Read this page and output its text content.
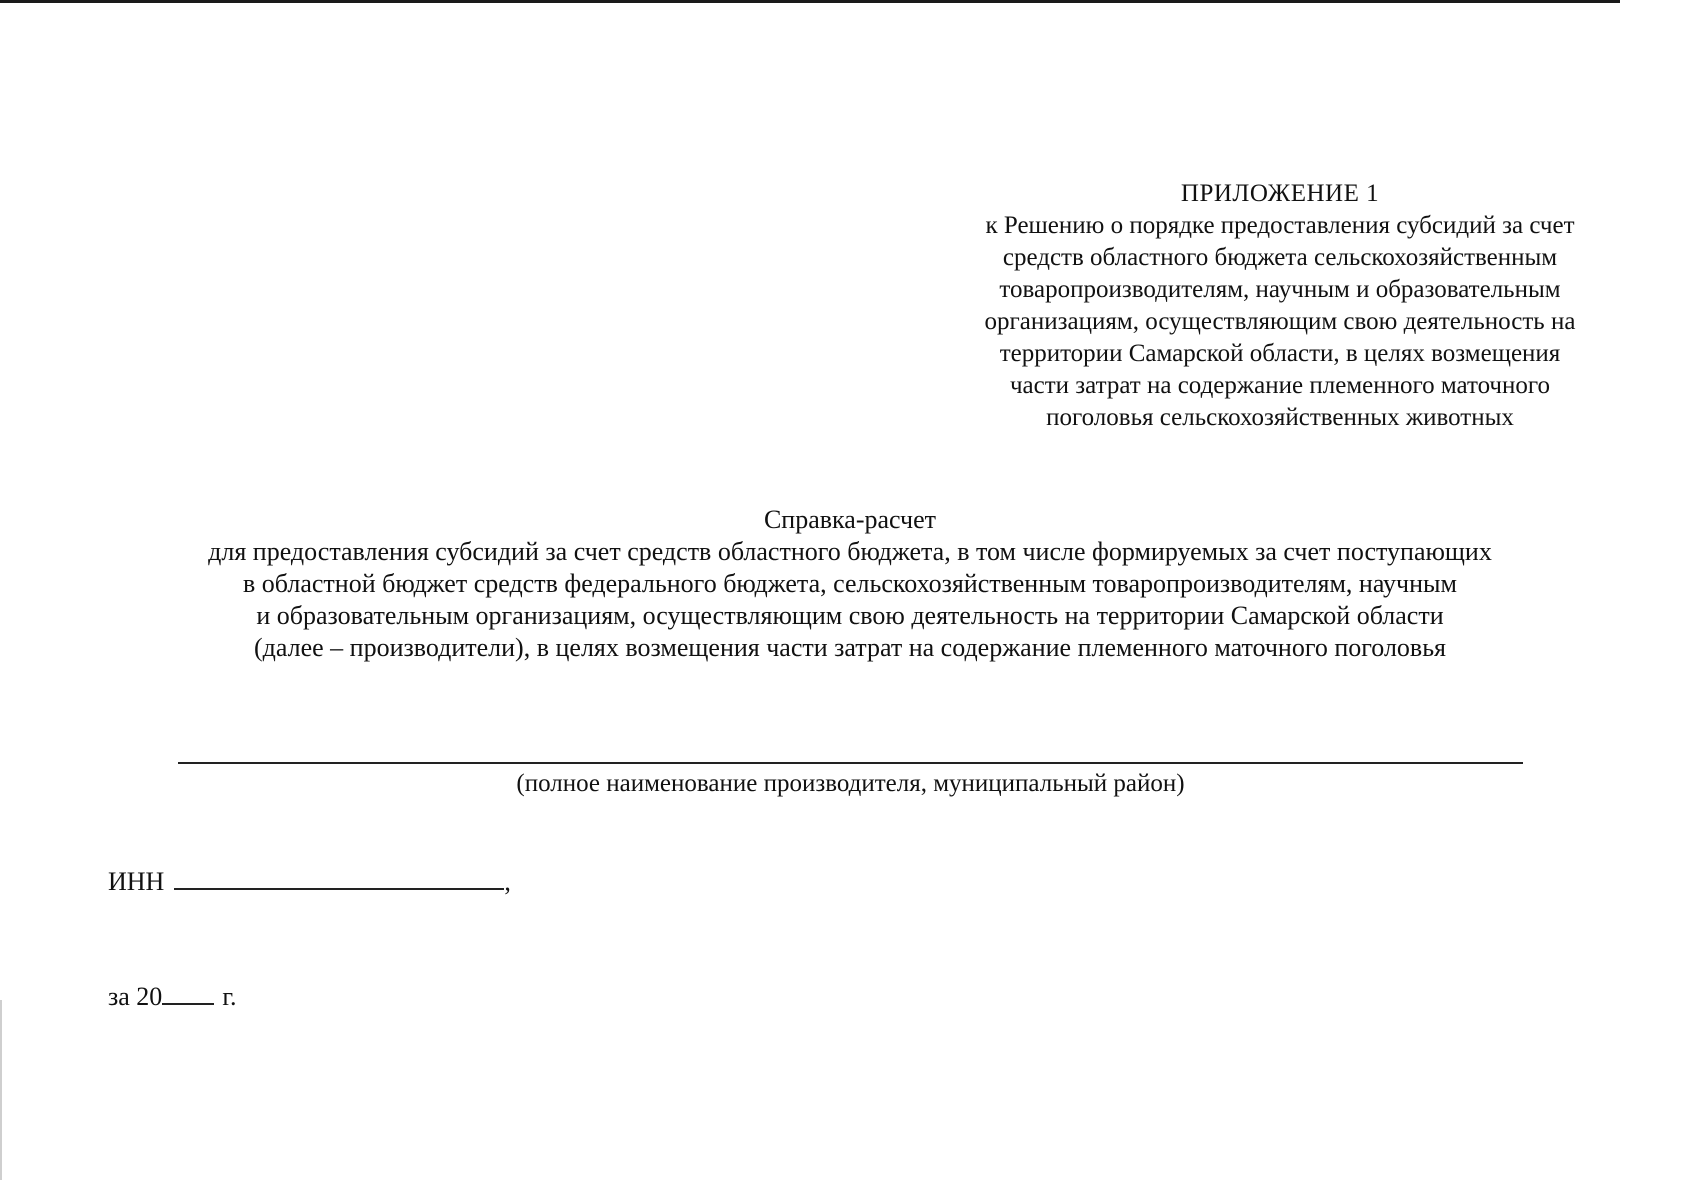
ПРИЛОЖЕНИЕ 1
к Решению о порядке предоставления субсидий за счет
средств областного бюджета сельскохозяйственным
товаропроизводителям, научным и образовательным
организациям, осуществляющим свою деятельность на
территории Самарской области, в целях возмещения
части затрат на содержание племенного маточного
поголовья сельскохозяйственных животных
Справка-расчет
для предоставления субсидий за счет средств областного бюджета, в том числе формируемых за счет поступающих
в областной бюджет средств федерального бюджета, сельскохозяйственным товаропроизводителям, научным
и образовательным организациям, осуществляющим свою деятельность на территории Самарской области
(далее – производители), в целях возмещения части затрат на содержание племенного маточного поголовья
(полное наименование производителя, муниципальный район)
ИНН	,
за 20 г.
